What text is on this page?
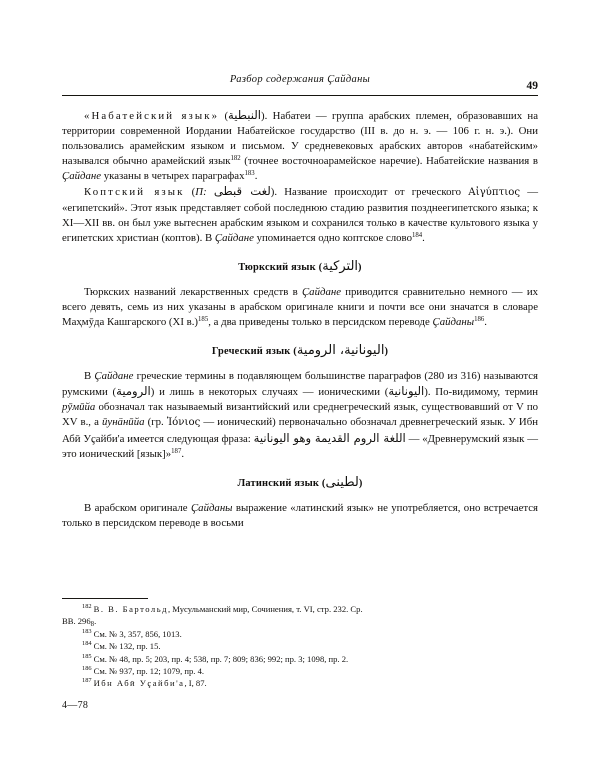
Разбор содержания Ҫайданы
49

«Набатейский язык» (النبطية). Набатеи — группа арабских племен, образовавших на территории современной Иордании Набатейское государство (III в. до н. э. — 106 г. н. э.). Они пользовались арамейским языком и письмом. У средневековых арабских авторов «набатейским» назывался обычно арамейский язык$^{182}$ (точнее восточноарамейское наречие). Набатейские названия в Ҫайдане указаны в четырех параграфах$^{183}$.

Коптский язык (П: لغت قبطى). Название происходит от греческого Αἰγύπτιος — «египетский». Этот язык представляет собой последнюю стадию развития позднеегипетского языка; к XI—XII вв. он был уже вытеснен арабским языком и сохранился только в качестве культового языка у египетских христиан (коптов). В Ҫайдане упоминается одно коптское слово$^{184}$.

Тюркский язык (التركية)

Тюркских названий лекарственных средств в Ҫайдане приводится сравнительно немного — их всего девять, семь из них указаны в арабском оригинале книги и почти все они значатся в словаре Маҳмӯда Кашгарского (XI в.)$^{185}$, а два приведены только в персидском переводе Ҫайданы$^{186}$.

Греческий язык (اليونانية، الرومية)

В Ҫайдане греческие термины в подавляющем большинстве параграфов (280 из 316) называются румскими (الرومية) и лишь в некоторых случаях — ионическими (اليونانية). По-видимому, термин рӯмӣйа обозначал так называемый византийский или среднегреческий язык, существовавший от V по XV в., а ӣунӓнӣйа (гр. Ἰόνιος — ионический) первоначально обозначал древнегреческий язык. У Ибн Абӣ Уҫайби'а имеется следующая фраза: اللغة الروم القديمة وهو اليونانية — «Древнерумский язык — это ионический [язык]»$^{187}$.

Латинский язык (لطينى)

В арабском оригинале Ҫайданы выражение «латинский язык» не употребляется, оно встречается только в персидском переводе в восьми

$^{182}$ В. В. Бартольд, Мусульманский мир, Сочинения, т. VI, стр. 232. Ср.

ВВ. $296_8$.

$^{183}$ См. № 3, 357, 856, 1013.

$^{184}$ См. № 132, пр. 15.

$^{185}$ См. № 48, пр. 5; 203, пр. 4; 538, пр. 7; 809; 836; 992; пр. 3; 1098, пр. 2.

$^{186}$ См. № 937, пр. 12; 1079, пр. 4.

$^{187}$ Ибн Абӣ Уҫайби'а, I, 87.

4—78
